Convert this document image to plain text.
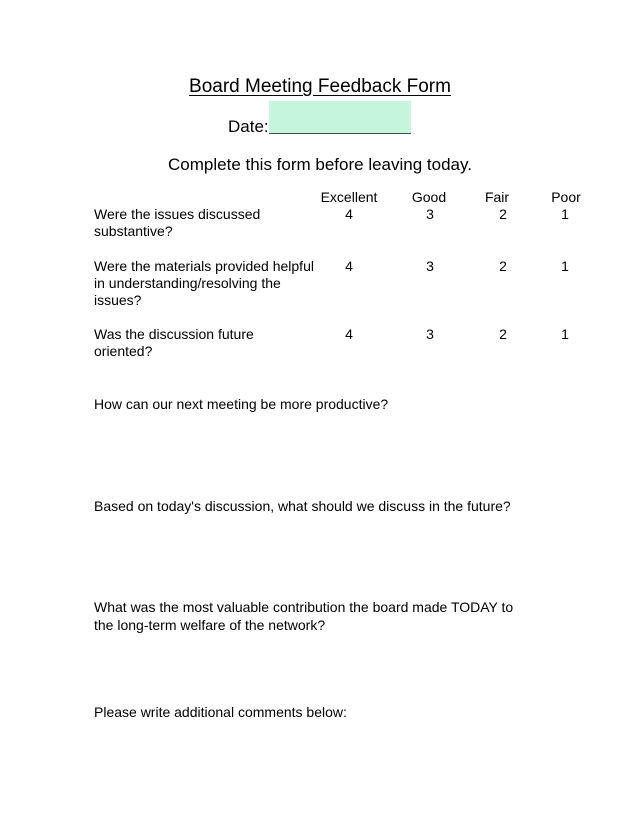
Board Meeting Feedback Form
Date:
Complete this form before leaving today.
Excellent	Good	Fair	Poor
Were the issues discussed substantive?
4	3	2	1
Were the materials provided helpful in understanding/resolving the issues?
4	3	2	1
Was the discussion future oriented?
4	3	2	1
How can our next meeting be more productive?
Based on today's discussion, what should we discuss in the future?
What was the most valuable contribution the board made TODAY to the long-term welfare of the network?
Please write additional comments below:
